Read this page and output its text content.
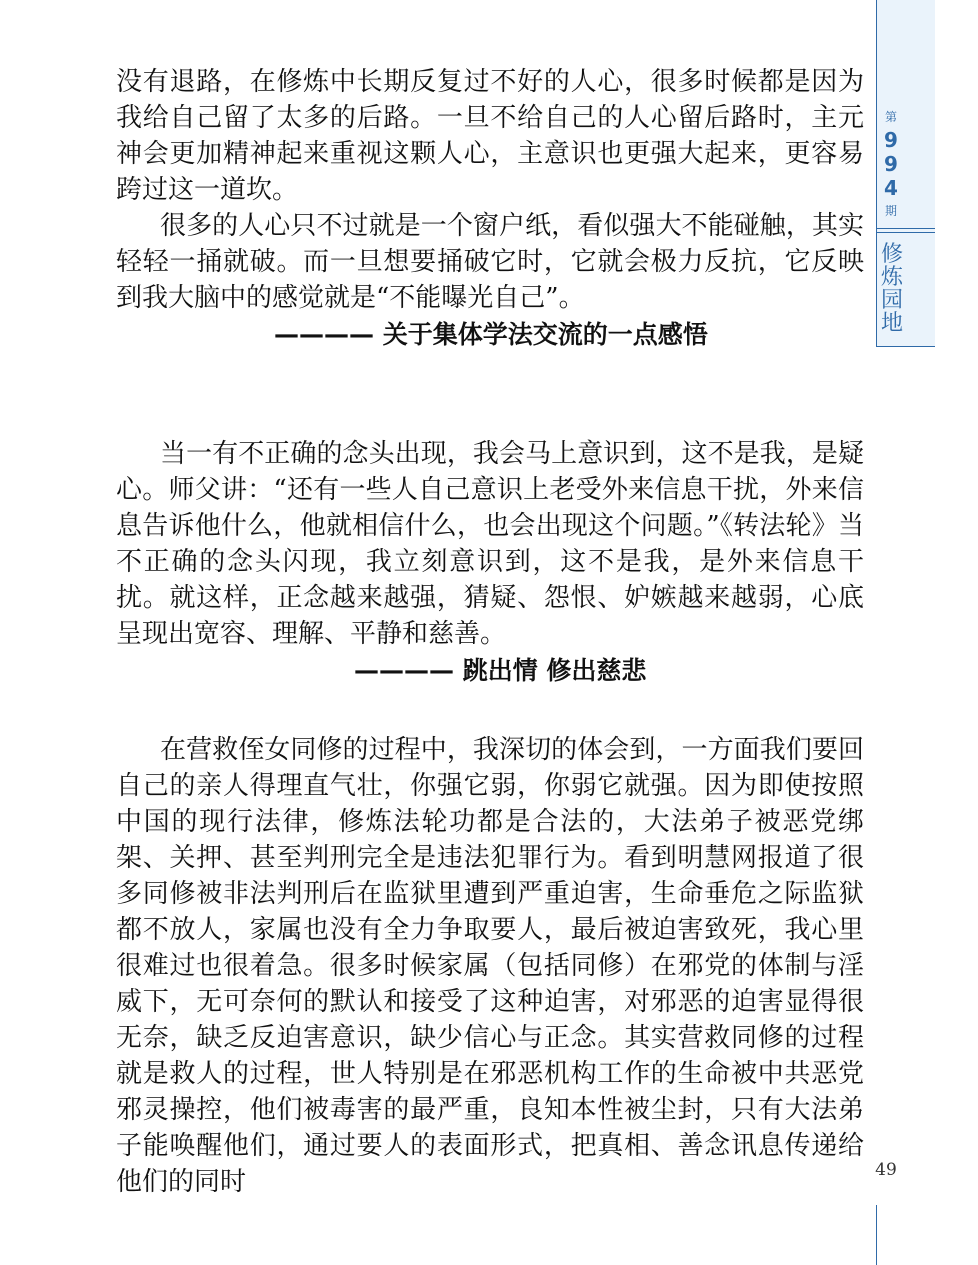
没有退路，在修炼中长期反复过不好的人心，很多时候都是因为我给自己留了太多的后路。一旦不给自己的人心留后路时，主元神会更加精神起来重视这颗人心，主意识也更强大起来，更容易跨过这一道坎。

很多的人心只不过就是一个窗户纸，看似强大不能碰触，其实轻轻一捅就破。而一旦想要捅破它时，它就会极力反抗，它反映到我大脑中的感觉就是“不能曝光自己”。

———— 关于集体学法交流的一点感悟

当一有不正确的念头出现，我会马上意识到，这不是我，是疑心。师父讲：“还有一些人自己意识上老受外来信息干扰，外来信息告诉他什么，他就相信什么，也会出现这个问题。”《转法轮》当不正确的念头闪现，我立刻意识到，这不是我，是外来信息干扰。就这样，正念越来越强，猜疑、怨恨、妒嫉越来越弱，心底呈现出宽容、理解、平静和慈善。

———— 跳出情 修出慈悲

在营救侄女同修的过程中，我深切的体会到，一方面我们要回自己的亲人得理直气壮，你强它弱，你弱它就强。因为即使按照中国的现行法律，修炼法轮功都是合法的，大法弟子被恶党绑架、关押、甚至判刑完全是违法犯罪行为。看到明慧网报道了很多同修被非法判刑后在监狱里遭到严重迫害，生命垂危之际监狱都不放人，家属也没有全力争取要人，最后被迫害致死，我心里很难过也很着急。很多时候家属（包括同修）在邪党的体制与淫威下，无可奈何的默认和接受了这种迫害，对邪恶的迫害显得很无奈，缺乏反迫害意识，缺少信心与正念。其实营救同修的过程就是救人的过程，世人特别是在邪恶机构工作的生命被中共恶党邪灵操控，他们被毒害的最严重，良知本性被尘封，只有大法弟子能唤醒他们，通过要人的表面形式，把真相、善念讯息传递给他们的同时

第
9
9
4
期
修
炼
园
地
49
